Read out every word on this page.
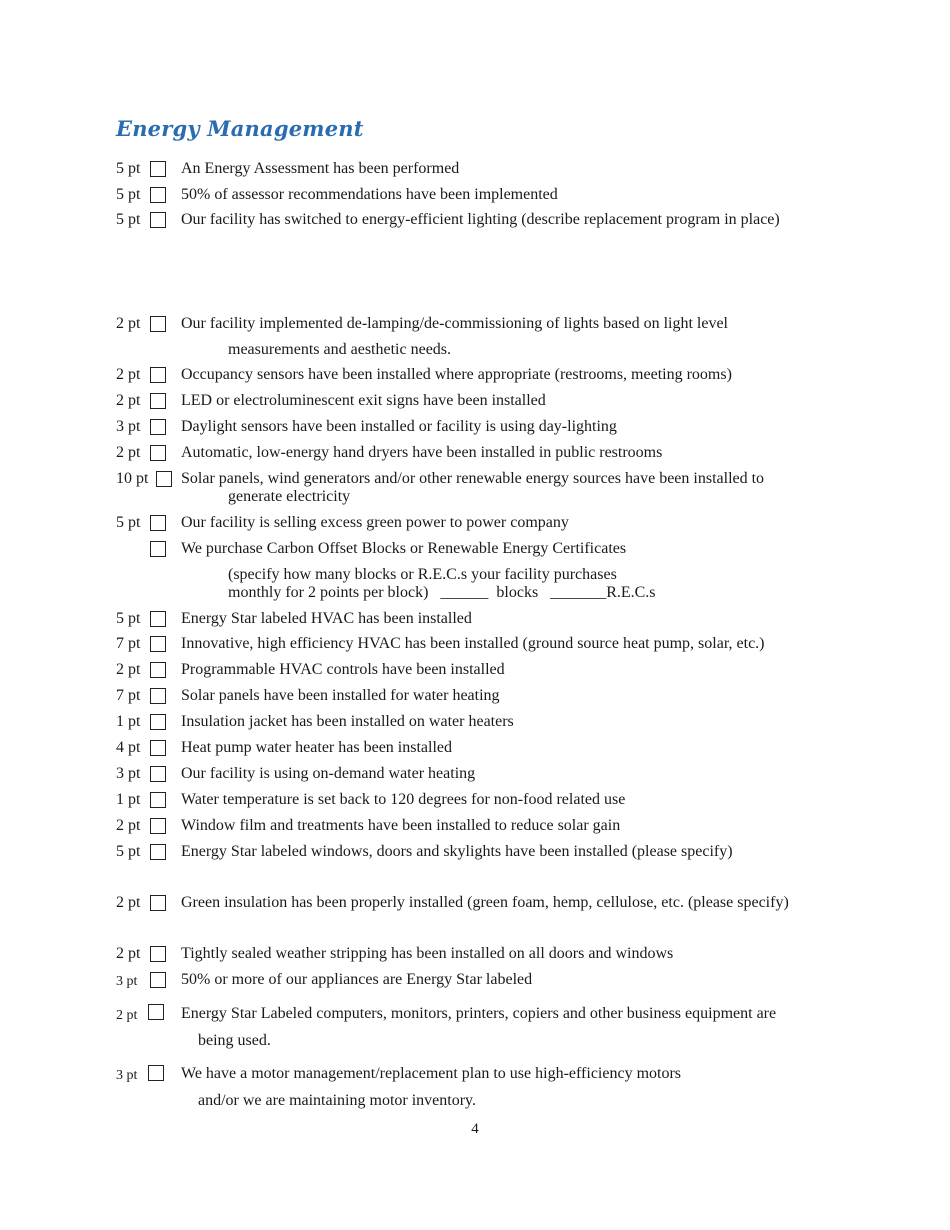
Energy Management
5 pt	An Energy Assessment has been performed
5 pt	50% of assessor recommendations have been implemented
5 pt	Our facility has switched to energy-efficient lighting (describe replacement program in place)
2 pt	Our facility implemented de-lamping/de-commissioning of lights based on light level
measurements and aesthetic needs.
2 pt	Occupancy sensors have been installed where appropriate (restrooms, meeting rooms)
2 pt	LED or electroluminescent exit signs have been installed
3 pt	Daylight sensors have been installed or facility is using day-lighting
2 pt	Automatic, low-energy hand dryers have been installed in public restrooms
10 pt Solar panels, wind generators and/or other renewable energy sources have been installed to
generate electricity
5 pt	Our facility is selling excess green power to power company
We purchase Carbon Offset Blocks or Renewable Energy Certificates
(specify how many blocks or R.E.C.s your facility purchases
monthly for 2 points per block)   ______  blocks   _______R.E.C.s
5 pt	Energy Star labeled HVAC has been installed
7 pt	Innovative, high efficiency HVAC has been installed (ground source heat pump, solar, etc.)
2 pt	Programmable HVAC controls have been installed
7 pt	Solar panels have been installed for water heating
1 pt	Insulation jacket has been installed on water heaters
4 pt	Heat pump water heater has been installed
3 pt	Our facility is using on-demand water heating
1 pt	Water temperature is set back to 120 degrees for non-food related use
2 pt	Window film and treatments have been installed to reduce solar gain
5 pt	Energy Star labeled windows, doors and skylights have been installed (please specify)
2 pt	Green insulation has been properly installed (green foam, hemp, cellulose, etc. (please specify)
2 pt	Tightly sealed weather stripping has been installed on all doors and windows
3 pt	50% or more of our appliances are Energy Star labeled
2 pt	Energy Star Labeled computers, monitors, printers, copiers and other business equipment are
being used.
3 pt	We have a motor management/replacement plan to use high-efficiency motors
and/or we are maintaining motor inventory.
4
